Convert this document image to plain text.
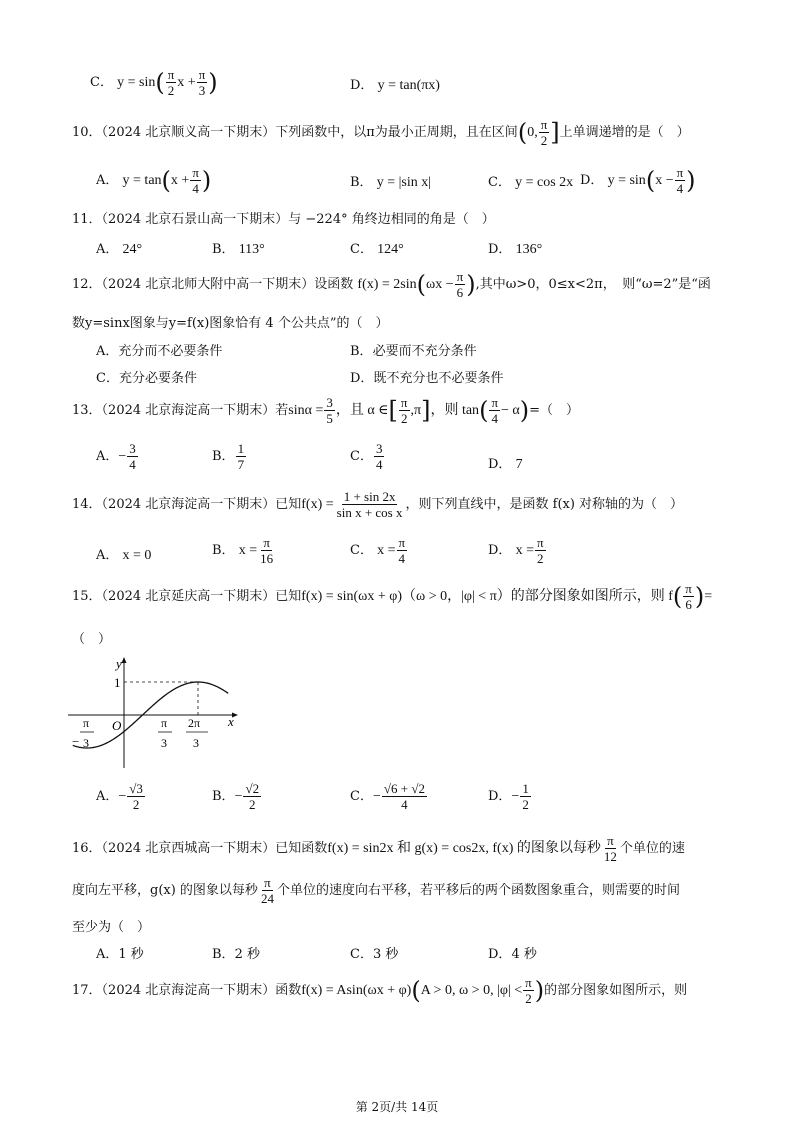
C． $y = \sin( \frac{\pi}{2}$ $x + \frac{\pi}{3}$ )	D． y = tan(πx)
10．（2024 北京顺义高一下期末）下列函数中，以π为最小正周期，且在区间(0, $\frac{\pi}{2}$ ]上单调递增的是（　）
A． $y = \tan(x + \frac{\pi}{4}$ )	B． y = |sin x|	C． y = cos 2x D． $y = \sin(x - \frac{\pi}{4}$ )
11．（2024 北京石景山高一下期末）与 −224° 角终边相同的角是（　）
A． 24°	B． 113°	C． 124°	D． 136°
12．（2024 北京北师大附中高一下期末）设函数 $f(x) = 2\sin(\omega x - \frac{\pi}{6}$ ),其中ω>0，0≤x<2π，　则“ω=2”是“函
数y=sinx图象与y=f(x)图象恰有 4 个公共点”的（　）
A．充分而不必要条件	B．必要而不充分条件
C．充分必要条件	D．既不充分也不必要条件
13．（2024 北京海淀高一下期末）若$\sin\alpha = \frac{3}{5}$ ，且 α ∈[ $\frac{\pi}{2} ,\pi$]，则 $\tan( \frac{\pi}{4} - \alpha)=$（　）
A．− $\frac{3}{4}$	B． $\frac{1}{7}$	C． $\frac{3}{4}$	D． 7
14．（2024 北京海淀高一下期末）已知$f(x) = \frac{1 + \sin 2x}{\text{sin x + cos x}}$ ，则下列直线中，是函数 f(x) 对称轴的为（　）
A． x = 0	B． $x = \frac{\pi}{16}$	C． $x = \frac{\pi}{4}$	D． $x = \frac{\pi}{2}$
15．（2024 北京延庆高一下期末）已知f(x) = sin(ωx + φ)（ω > 0，|φ| < π）的部分图象如图所示，则 $f( \frac{\pi}{6}$ )=
（　）
y
x
O
1
−
π
3
π
3
2π
3
A．− $\frac{√3}{2}$	B．− $\frac{√2}{2}$	C．− $\frac{√6 + √2}{4}$	D．− $\frac{1}{2}$
16．（2024 北京西城高一下期末）已知函数f(x) = sin2x 和 g(x) = cos2x, f(x) 的图象以每秒 $\frac{\pi}{12}$ 个单位的速
度向左平移，g(x) 的图象以每秒 $\frac{\pi}{24}$ 个单位的速度向右平移，若平移后的两个函数图象重合，则需要的时间
至少为（　）
A．1 秒	B．2 秒	C．3 秒	D．4 秒
17．（2024 北京海淀高一下期末）函数f(x) = Asin(ωx + φ)(A > 0, ω > 0, $|\varphi| < \frac{\pi}{2}$ )的部分图象如图所示，则
第 2页/共 14页
